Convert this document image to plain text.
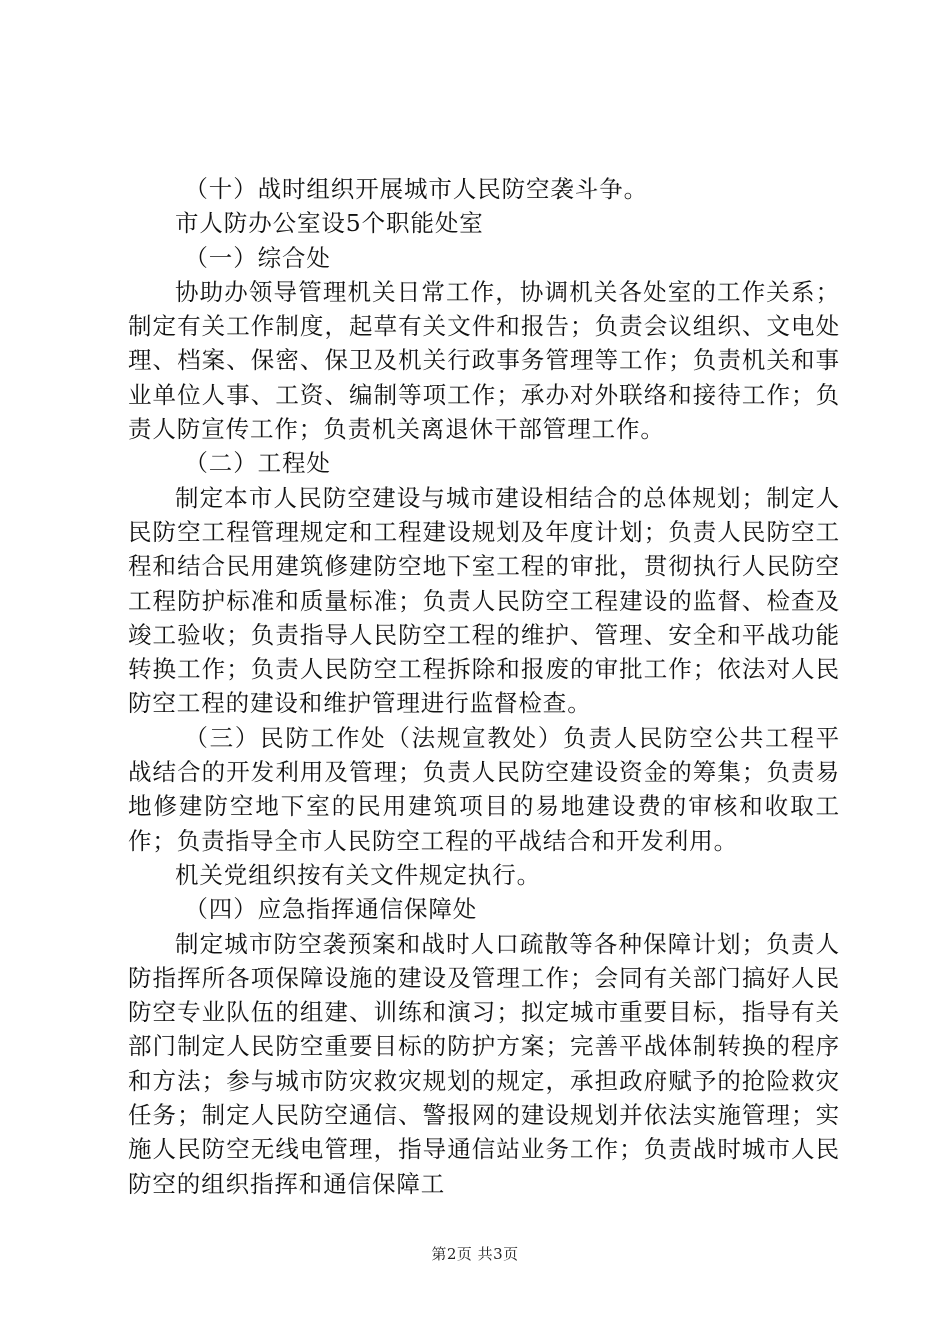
（十）战时组织开展城市人民防空袭斗争。

市人防办公室设5个职能处室

（一）综合处

协助办领导管理机关日常工作，协调机关各处室的工作关系；制定有关工作制度，起草有关文件和报告；负责会议组织、文电处理、档案、保密、保卫及机关行政事务管理等工作；负责机关和事业单位人事、工资、编制等项工作；承办对外联络和接待工作；负责人防宣传工作；负责机关离退休干部管理工作。

（二）工程处

制定本市人民防空建设与城市建设相结合的总体规划；制定人民防空工程管理规定和工程建设规划及年度计划；负责人民防空工程和结合民用建筑修建防空地下室工程的审批，贯彻执行人民防空工程防护标准和质量标准；负责人民防空工程建设的监督、检查及竣工验收；负责指导人民防空工程的维护、管理、安全和平战功能转换工作；负责人民防空工程拆除和报废的审批工作；依法对人民防空工程的建设和维护管理进行监督检查。

（三）民防工作处（法规宣教处）负责人民防空公共工程平战结合的开发利用及管理；负责人民防空建设资金的筹集；负责易地修建防空地下室的民用建筑项目的易地建设费的审核和收取工作；负责指导全市人民防空工程的平战结合和开发利用。

机关党组织按有关文件规定执行。

（四）应急指挥通信保障处

制定城市防空袭预案和战时人口疏散等各种保障计划；负责人防指挥所各项保障设施的建设及管理工作；会同有关部门搞好人民防空专业队伍的组建、训练和演习；拟定城市重要目标，指导有关部门制定人民防空重要目标的防护方案；完善平战体制转换的程序和方法；参与城市防灾救灾规划的规定，承担政府赋予的抢险救灾任务；制定人民防空通信、警报网的建设规划并依法实施管理；实施人民防空无线电管理，指导通信站业务工作；负责战时城市人民防空的组织指挥和通信保障工

第2页 共3页
